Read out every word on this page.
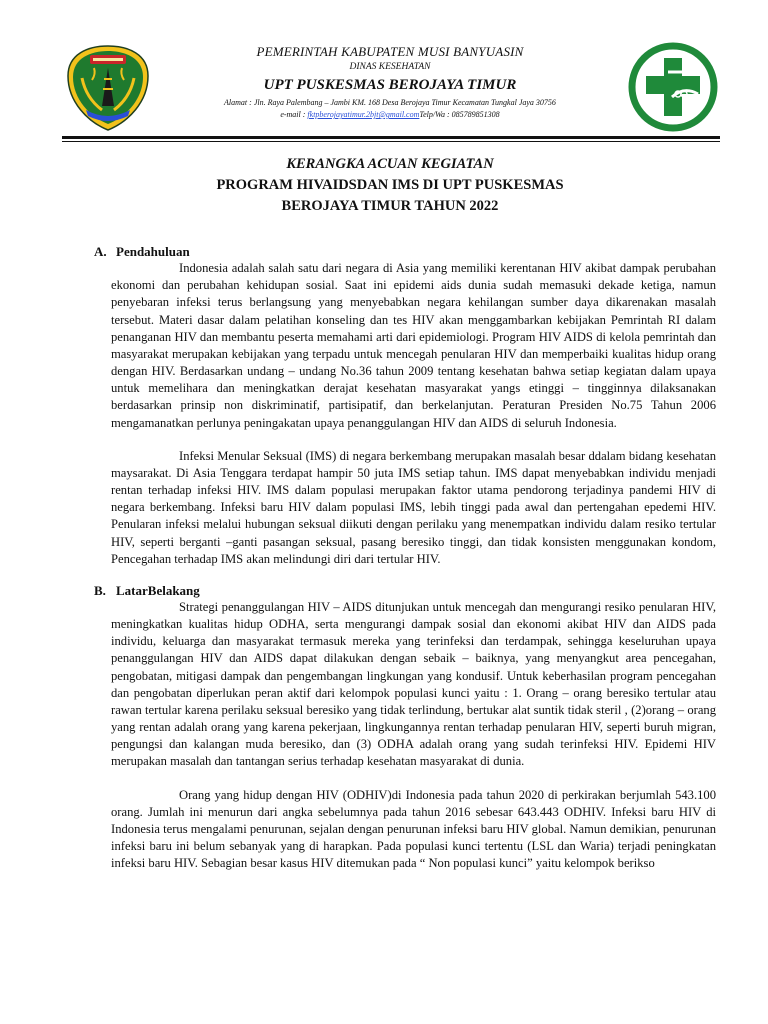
PEMERINTAH KABUPATEN MUSI BANYUASIN
DINAS KESEHATAN
UPT PUSKESMAS BEROJAYA TIMUR
Alamat : Jln. Raya Palembang – Jambi KM. 168 Desa Berojaya Timur Kecamatan Tungkal Jaya 30756
e-mail : fktpberojayatimur.2bjt@gmail.comTelp/Wa : 085789851308
KERANGKA ACUAN KEGIATAN
PROGRAM HIVAIDSDAN IMS DI UPT PUSKESMAS
BEROJAYA TIMUR TAHUN 2022
A. Pendahuluan

Indonesia adalah salah satu dari negara di Asia yang memiliki kerentanan HIV akibat dampak perubahan ekonomi dan perubahan kehidupan sosial. Saat ini epidemi aids dunia sudah memasuki dekade ketiga, namun penyebaran infeksi terus berlangsung yang menyebabkan negara kehilangan sumber daya dikarenakan masalah tersebut. Materi dasar dalam pelatihan konseling dan tes HIV akan menggambarkan kebijakan Pemrintah RI dalam penanganan HIV dan membantu peserta memahami arti dari epidemiologi. Program HIV AIDS di kelola pemrintah dan masyarakat merupakan kebijakan yang terpadu untuk mencegah penularan HIV dan memperbaiki kualitas hidup orang dengan HIV. Berdasarkan undang – undang No.36 tahun 2009 tentang kesehatan bahwa setiap kegiatan dalam upaya untuk memelihara dan meningkatkan derajat kesehatan masyarakat yangs etinggi – tingginnya dilaksanakan berdasarkan prinsip non diskriminatif, partisipatif, dan berkelanjutan. Peraturan Presiden No.75 Tahun 2006 mengamanatkan perlunya peningakatan upaya penanggulangan HIV dan AIDS di seluruh Indonesia.

Infeksi Menular Seksual (IMS) di negara berkembang merupakan masalah besar ddalam bidang kesehatan maysarakat. Di Asia Tenggara terdapat hampir 50 juta IMS setiap tahun. IMS dapat menyebabkan individu menjadi rentan terhadap infeksi HIV. IMS dalam populasi merupakan faktor utama pendorong terjadinya pandemi HIV di negara berkembang. Infeksi baru HIV dalam populasi IMS, lebih tinggi pada awal dan pertengahan epedemi HIV. Penularan infeksi melalui hubungan seksual diikuti dengan perilaku yang menempatkan individu dalam resiko tertular HIV, seperti berganti –ganti pasangan seksual, pasang beresiko tinggi, dan tidak konsisten menggunakan kondom, Pencegahan terhadap IMS akan melindungi diri dari tertular HIV.

B. LatarBelakang

Strategi penanggulangan HIV – AIDS ditunjukan untuk mencegah dan mengurangi resiko penularan HIV, meningkatkan kualitas hidup ODHA, serta mengurangi dampak sosial dan ekonomi akibat HIV dan AIDS pada individu, keluarga dan masyarakat termasuk mereka yang terinfeksi dan terdampak, sehingga keseluruhan upaya penanggulangan HIV dan AIDS dapat dilakukan dengan sebaik – baiknya, yang menyangkut area pencegahan, pengobatan, mitigasi dampak dan pengembangan lingkungan yang kondusif. Untuk keberhasilan program pencegahan dan pengobatan diperlukan peran aktif dari kelompok populasi kunci yaitu : 1. Orang – orang beresiko tertular atau rawan tertular karena perilaku seksual beresiko yang tidak terlindung, bertukar alat suntik tidak steril , (2)orang – orang yang rentan adalah orang yang karena pekerjaan, lingkungannya rentan terhadap penularan HIV, seperti buruh migran, pengungsi dan kalangan muda beresiko, dan (3) ODHA adalah orang yang sudah terinfeksi HIV. Epidemi HIV merupakan masalah dan tantangan serius terhadap kesehatan masyarakat di dunia.

Orang yang hidup dengan HIV (ODHIV)di Indonesia pada tahun 2020 di perkirakan berjumlah 543.100 orang. Jumlah ini menurun dari angka sebelumnya pada tahun 2016 sebesar 643.443 ODHIV. Infeksi baru HIV di Indonesia terus mengalami penurunan, sejalan dengan penurunan infeksi baru HIV global. Namun demikian, penurunan infeksi baru ini belum sebanyak yang di harapkan. Pada populasi kunci tertentu (LSL dan Waria) terjadi peningkatan infeksi baru HIV. Sebagian besar kasus HIV ditemukan pada “ Non populasi kunci” yaitu kelompok berikso
